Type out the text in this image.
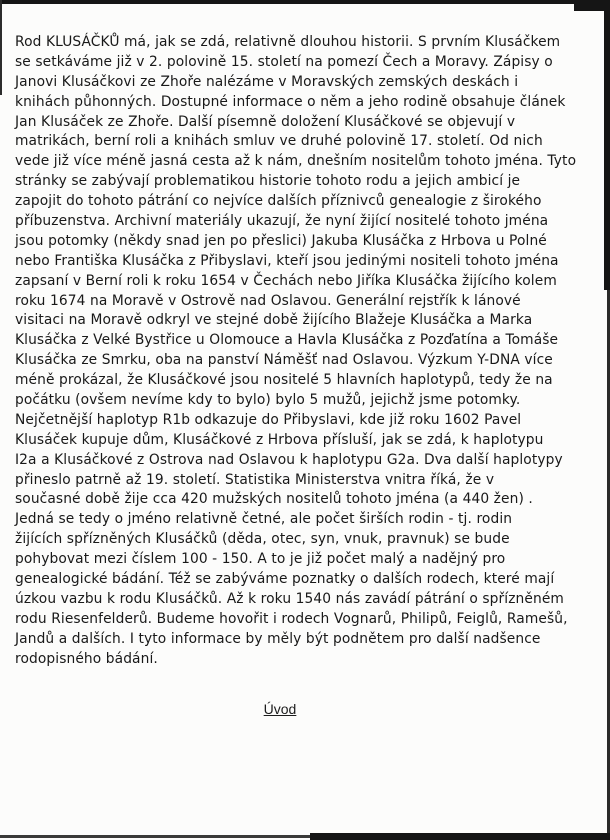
Rod KLUSÁČKŮ má, jak se zdá, relativně dlouhou historii. S prvním Klusáčkem
se setkáváme již v 2. polovině 15. století na pomezí Čech a Moravy. Zápisy o
Janovi Klusáčkovi ze Zhoře nalézáme v Moravských zemských deskách i
knihách půhonných. Dostupné informace o něm a jeho rodině obsahuje článek
Jan Klusáček ze Zhoře. Další písemně doložení Klusáčkové se objevují v
matrikách, berní roli a knihách smluv ve druhé polovině 17. století. Od nich
vede již více méně jasná cesta až k nám, dnešním nositelům tohoto jména. Tyto
stránky se zabývají problematikou historie tohoto rodu a jejich ambicí je
zapojit do tohoto pátrání co nejvíce dalších příznivců genealogie z širokého
příbuzenstva. Archivní materiály ukazují, že nyní žijící nositelé tohoto jména
jsou potomky (někdy snad jen po přeslici) Jakuba Klusáčka z Hrbova u Polné
nebo Františka Klusáčka z Přibyslavi, kteří jsou jedinými nositeli tohoto jména
zapsaní v Berní roli k roku 1654 v Čechách nebo Jiříka Klusáčka žijícího kolem
roku 1674 na Moravě v Ostrově nad Oslavou. Generální rejstřík k lánové
visitaci na Moravě odkryl ve stejné době žijícího Blažeje Klusáčka a Marka
Klusáčka z Velké Bystřice u Olomouce a Havla Klusáčka z Pozďatína a Tomáše
Klusáčka ze Smrku, oba na panství Náměšť nad Oslavou. Výzkum Y-DNA více
méně prokázal, že Klusáčkové jsou nositelé 5 hlavních haplotypů, tedy že na
počátku (ovšem nevíme kdy to bylo) bylo 5 mužů, jejichž jsme potomky.
Nejčetnější haplotyp R1b odkazuje do Přibyslavi, kde již roku 1602 Pavel
Klusáček kupuje dům, Klusáčkové z Hrbova přísluší, jak se zdá, k haplotypu
I2a a Klusáčkové z Ostrova nad Oslavou k haplotypu G2a. Dva další haplotypy
přineslo patrně až 19. století. Statistika Ministerstva vnitra říká, že v
současné době žije cca 420 mužských nositelů tohoto jména (a 440 žen) .
Jedná se tedy o jméno relativně četné, ale počet širších rodin - tj. rodin
žijících spřízněných Klusáčků (děda, otec, syn, vnuk, pravnuk) se bude
pohybovat mezi číslem 100 - 150. A to je již počet malý a nadějný pro
genealogické bádání. Též se zabýváme poznatky o dalších rodech, které mají
úzkou vazbu k rodu Klusáčků. Až k roku 1540 nás zavádí pátrání o spřízněném
rodu Riesenfelderů. Budeme hovořit i rodech Vognarů, Philipů, Feiglů, Ramešů,
Jandů a dalších. I tyto informace by měly být podnětem pro další nadšence
rodopisného bádání.
Úvod
